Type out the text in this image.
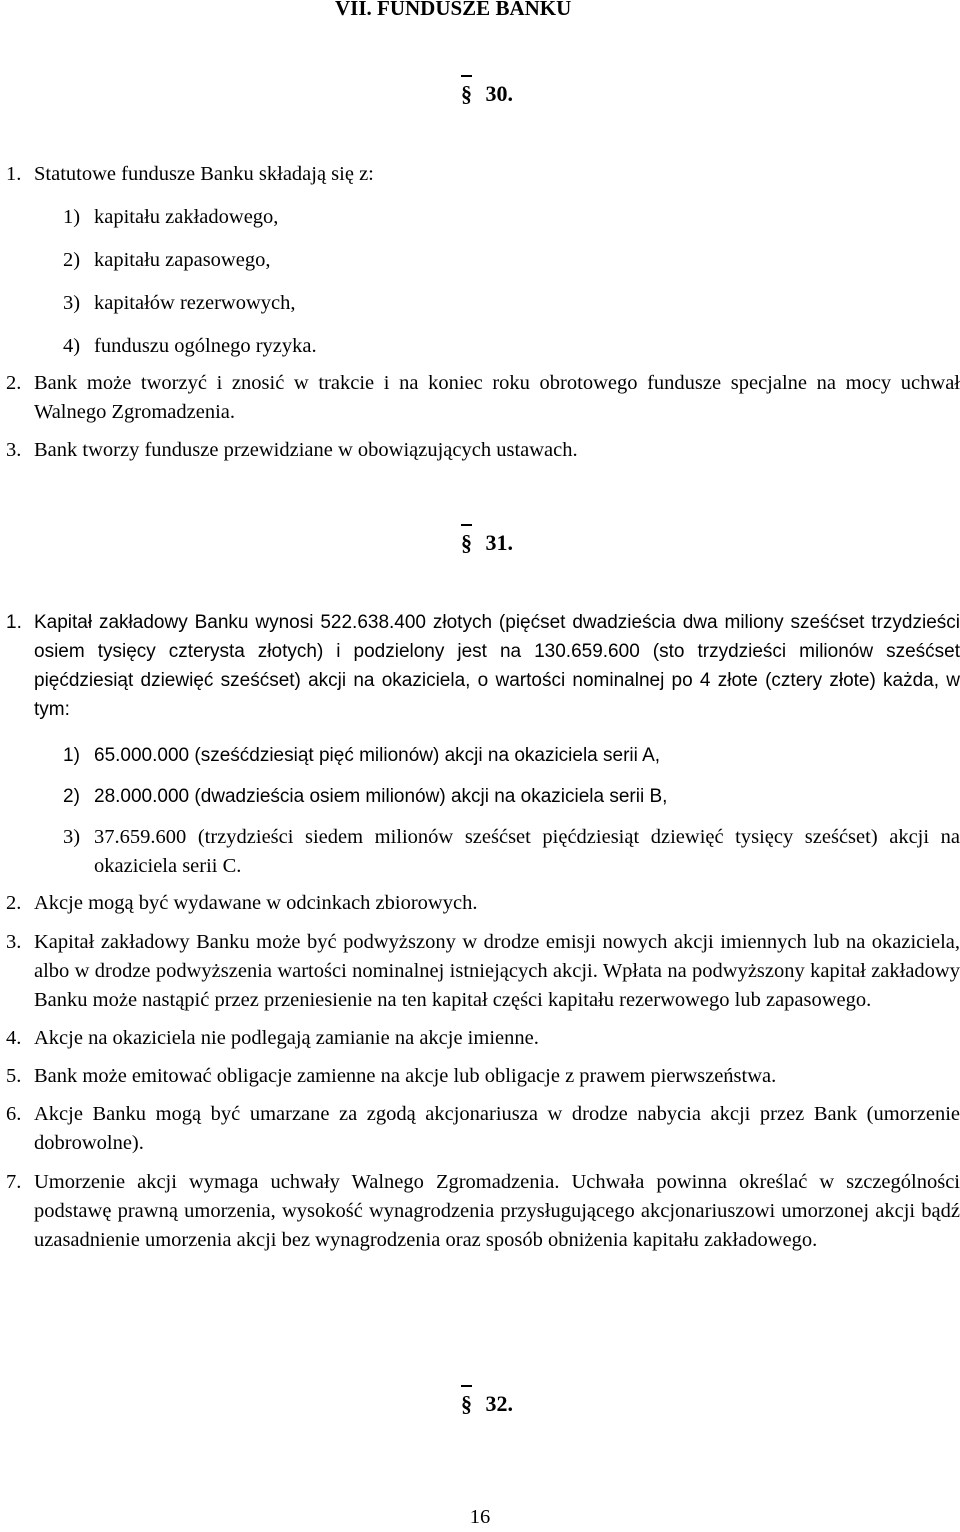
VII. FUNDUSZE BANKU
§ 30.
1. Statutowe fundusze Banku składają się z:
1) kapitału zakładowego,
2) kapitału zapasowego,
3) kapitałów rezerwowych,
4) funduszu ogólnego ryzyka.
2. Bank może tworzyć i znosić w trakcie i na koniec roku obrotowego fundusze specjalne na mocy uchwał Walnego Zgromadzenia.
3. Bank tworzy fundusze przewidziane w obowiązujących ustawach.
§ 31.
1. Kapitał zakładowy Banku wynosi 522.638.400 złotych (pięćset dwadzieścia dwa miliony sześćset trzydzieści osiem tysięcy czterysta złotych) i podzielony jest na 130.659.600 (sto trzydzieści milionów sześćset pięćdziesiąt dziewięć sześćset) akcji na okaziciela, o wartości nominalnej po 4 złote (cztery złote) każda, w tym:
1) 65.000.000 (sześćdziesiąt pięć milionów) akcji na okaziciela serii A,
2) 28.000.000 (dwadzieścia osiem milionów) akcji na okaziciela serii B,
3) 37.659.600 (trzydzieści siedem milionów sześćset pięćdziesiąt dziewięć tysięcy sześćset) akcji na okaziciela serii C.
2. Akcje mogą być wydawane w odcinkach zbiorowych.
3. Kapitał zakładowy Banku może być podwyższony w drodze emisji nowych akcji imiennych lub na okaziciela, albo w drodze podwyższenia wartości nominalnej istniejących akcji. Wpłata na podwyższony kapitał zakładowy Banku może nastąpić przez przeniesienie na ten kapitał części kapitału rezerwowego lub zapasowego.
4. Akcje na okaziciela nie podlegają zamianie na akcje imienne.
5. Bank może emitować obligacje zamienne na akcje lub obligacje z prawem pierwszeństwa.
6. Akcje Banku mogą być umarzane za zgodą akcjonariusza w drodze nabycia akcji przez Bank (umorzenie dobrowolne).
7. Umorzenie akcji wymaga uchwały Walnego Zgromadzenia. Uchwała powinna określać w szczególności podstawę prawną umorzenia, wysokość wynagrodzenia przysługującego akcjonariuszowi umorzonej akcji bądź uzasadnienie umorzenia akcji bez wynagrodzenia oraz sposób obniżenia kapitału zakładowego.
§ 32.
16
